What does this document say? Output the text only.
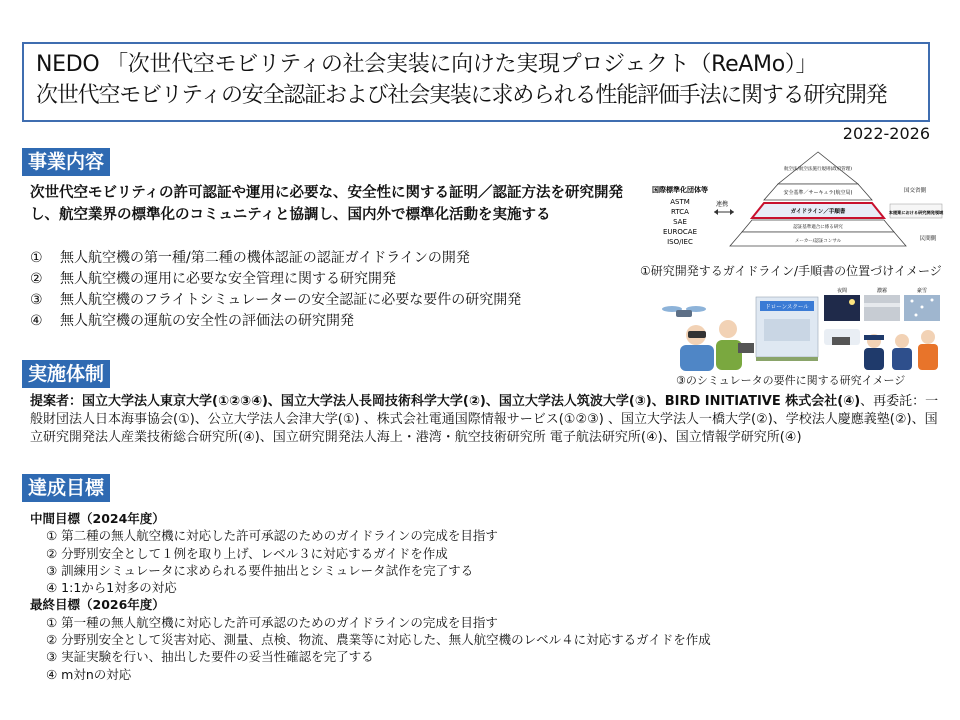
NEDO 「次世代空モビリティの社会実装に向けた実現プロジェクト（ReAMo）」
次世代空モビリティの安全認証および社会実装に求められる性能評価手法に関する研究開発
2022-2026
事業内容
次世代空モビリティの許可認証や運用に必要な、安全性に関する証明／認証方法を研究開発し、航空業界の標準化のコミュニティと協調し、国内外で標準化活動を実施する
① 無人航空機の第一種/第二種の機体認証の認証ガイドラインの開発
② 無人航空機の運用に必要な安全管理に関する研究開発
③ 無人航空機のフライトシミュレーターの安全認証に必要な要件の研究開発
④ 無人航空機の運航の安全性の評価法の研究開発
国際標準化団体等
ASTM
RTCA
SAE
EUROCAE
ISO/IEC
連携
航空法/航空法施行規則(政府管理)
安全基準／サーキュラ(航空局)
ガイドライン／手順書
認証基準適合に係る研究
メーカー/認証コンサル
国交省側
本提案における研究開発領域
民間側
①研究開発するガイドライン/手順書の位置づけイメージ
ドローンスクール
夜間	濃霧	豪雪
③のシミュレータの要件に関する研究イメージ
実施体制
提案者：国立大学法人東京大学(①②③④)、国立大学法人長岡技術科学大学(②)、国立大学法人筑波大学(③)、BIRD INITIATIVE 株式会社(④)、再委託：一般財団法人日本海事協会(①)、公立大学法人会津大学(①) 、株式会社電通国際情報サービス(①②③) 、国立大学法人一橋大学(②)、学校法人慶應義塾(②)、国立研究開発法人産業技術総合研究所(④)、国立研究開発法人海上・港湾・航空技術研究所 電子航法研究所(④)、国立情報学研究所(④)
達成目標
中間目標（2024年度）
① 第二種の無人航空機に対応した許可承認のためのガイドラインの完成を目指す
② 分野別安全として１例を取り上げ、レベル３に対応するガイドを作成
③ 訓練用シミュレータに求められる要件抽出とシミュレータ試作を完了する
④ 1:1から1対多の対応
最終目標（2026年度）
① 第一種の無人航空機に対応した許可承認のためのガイドラインの完成を目指す
② 分野別安全として災害対応、測量、点検、物流、農業等に対応した、無人航空機のレベル４に対応するガイドを作成
③ 実証実験を行い、抽出した要件の妥当性確認を完了する
④ m対nの対応
